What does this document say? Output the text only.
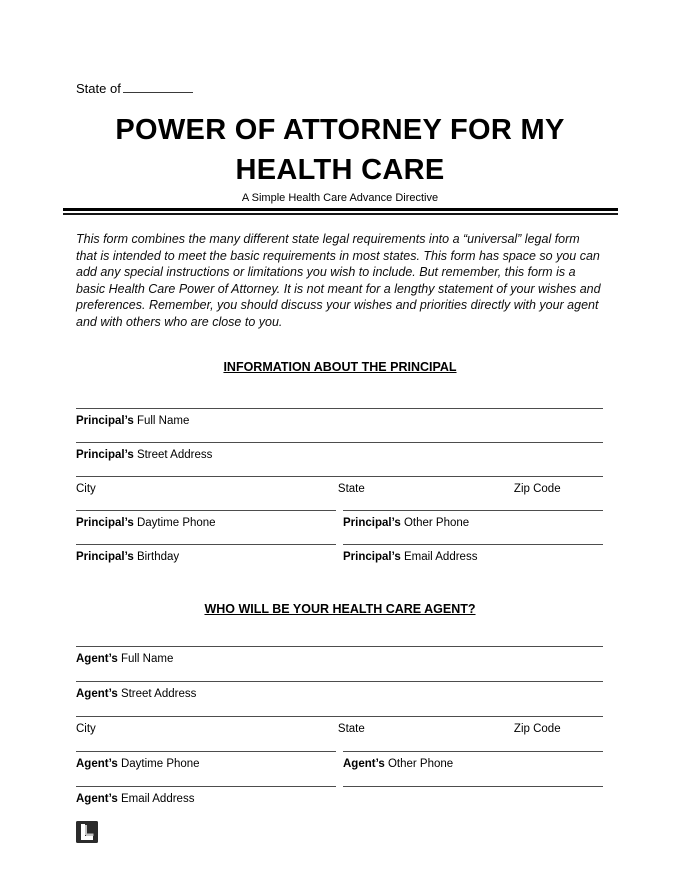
State of
POWER OF ATTORNEY FOR MY
HEALTH CARE
A Simple Health Care Advance Directive

This form combines the many different state legal requirements into a “universal” legal form that is intended to meet the basic requirements in most states. This form has space so you can add any special instructions or limitations you wish to include. But remember, this form is a basic Health Care Power of Attorney. It is not meant for a lengthy statement of your wishes and preferences. Remember, you should discuss your wishes and priorities directly with your agent and with others who are close to you.

INFORMATION ABOUT THE PRINCIPAL
Principal’s Full Name
Principal’s Street Address
City	State	Zip Code
Principal’s Daytime Phone	Principal’s Other Phone
Principal’s Birthday	Principal’s Email Address
WHO WILL BE YOUR HEALTH CARE AGENT?
Agent’s Full Name
Agent’s Street Address
City	State	Zip Code
Agent’s Daytime Phone	Agent’s Other Phone
Agent’s Email Address
